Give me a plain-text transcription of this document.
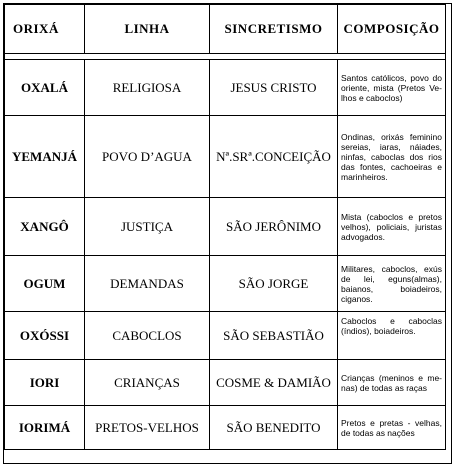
ORIXÁ	LINHA	SINCRETISMO	COMPOSIÇÃO

OXALÁ	RELIGIOSA	JESUS CRISTO	Santos católicos, povo do oriente, mista (Pretos Ve-lhos e caboclos)
YEMANJÁ	POVO D’AGUA	Nª.SRª.CONCEIÇÃO	Ondinas, orixás feminino sereias, iaras, náiades, ninfas, caboclas dos rios das fontes, cachoeiras e marinheiros.
XANGÔ	JUSTIÇA	SÃO JERÔNIMO	Mista (caboclos e pretos velhos), policiais, juristas advogados.
OGUM	DEMANDAS	SÃO JORGE	Militares, caboclos, exús de lei, eguns(almas), baianos, boiadeiros, ciganos.
OXÓSSI	CABOCLOS	SÃO SEBASTIÃO	Caboclos e caboclas (índios), boiadeiros.
IORI	CRIANÇAS	COSME & DAMIÃO	Crianças (meninos e me-nas) de todas as raças
IORIMÁ	PRETOS-VELHOS	SÃO BENEDITO	Pretos e pretas - velhas, de todas as nações
